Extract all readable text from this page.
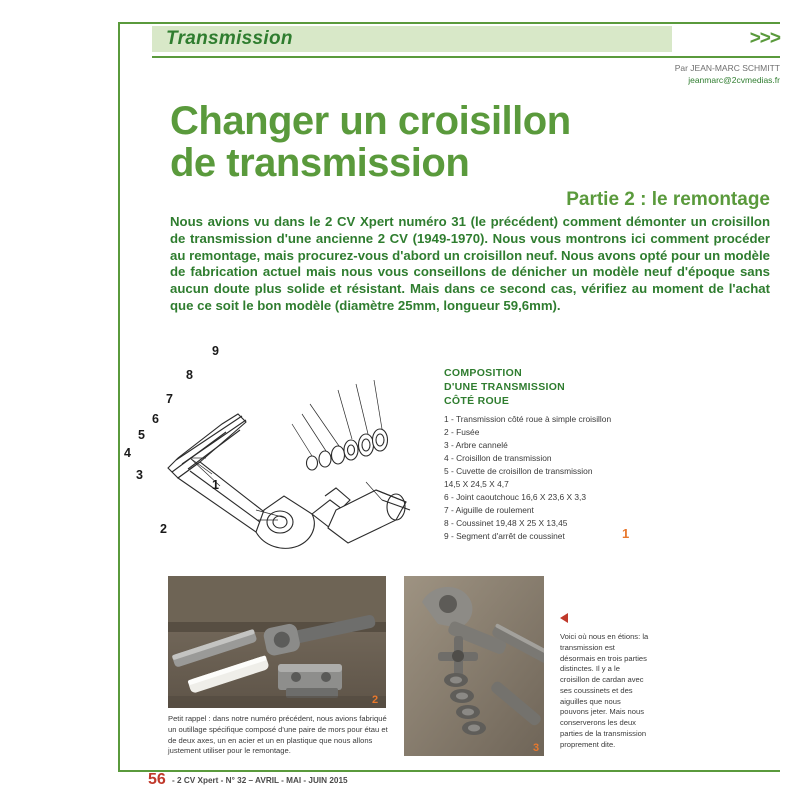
Transmission	>>>
Par JEAN-MARC SCHMITT
jeanmarc@2cvmedias.fr
Changer un croisillon
de transmission
Partie 2 : le remontage
Nous avions vu dans le 2 CV Xpert numéro 31 (le précédent) comment démonter un croisillon de transmission d'une ancienne 2 CV (1949-1970). Nous vous montrons ici comment procéder au remontage, mais procurez-vous d'abord un croisillon neuf. Nous avons opté pour un modèle de fabrication actuel mais nous vous conseillons de dénicher un modèle neuf d'époque sans aucun doute plus solide et résistant. Mais dans ce second cas, vérifiez au moment de l'achat que ce soit le bon modèle (diamètre 25mm, longueur 59,6mm).
COMPOSITION
D'UNE TRANSMISSION
CÔTÉ ROUE
1 - Transmission côté roue à simple croisillon
2 - Fusée
3 - Arbre cannelé
4 - Croisillon de transmission
5 - Cuvette de croisillon de transmission
14,5 X 24,5 X 4,7
6 - Joint caoutchouc 16,6 X 23,6 X 3,3
7 - Aiguille de roulement
8 - Coussinet 19,48 X 25 X 13,45
9 - Segment d'arrêt de coussinet	1
9
8
7
6
5
4
1
3
2
2
Petit rappel : dans notre numéro précédent, nous avions fabriqué un outillage spécifique composé d'une paire de mors pour étau et de deux axes, un en acier et un en plastique que nous allons justement utiliser pour le remontage.	3
Voici où nous en étions: la transmission est désormais en trois parties distinctes. Il y a le croisillon de cardan avec ses coussinets et des aiguilles que nous pouvons jeter. Mais nous conserverons les deux parties de la transmission proprement dite.
56 - 2 CV Xpert - N° 32 – AVRIL - MAI - JUIN 2015
